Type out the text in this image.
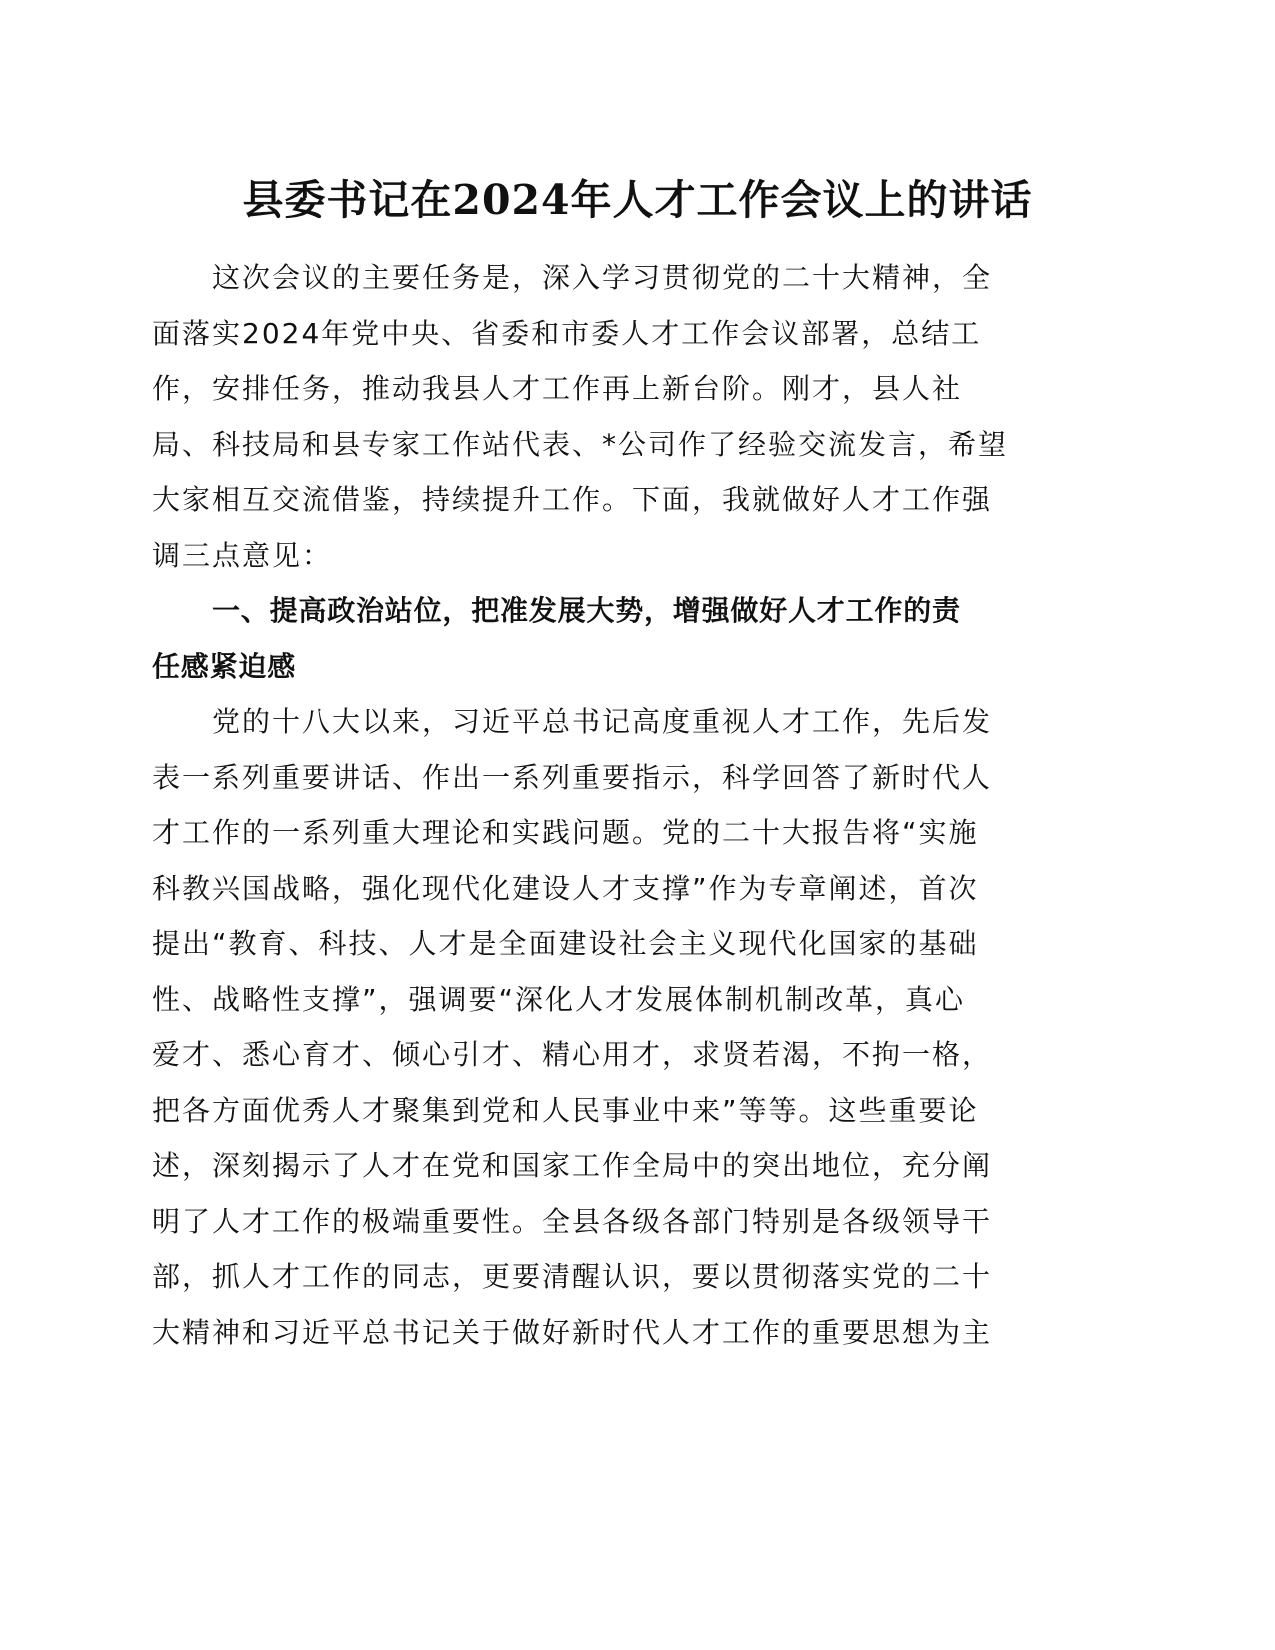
县委书记在2024年人才工作会议上的讲话
这次会议的主要任务是，深入学习贯彻党的二十大精神，全
面落实2024年党中央、省委和市委人才工作会议部署，总结工
作，安排任务，推动我县人才工作再上新台阶。刚才，县人社
局、科技局和县专家工作站代表、*公司作了经验交流发言，希望
大家相互交流借鉴，持续提升工作。下面，我就做好人才工作强
调三点意见：
一、提高政治站位，把准发展大势，增强做好人才工作的责
任感紧迫感
党的十八大以来，习近平总书记高度重视人才工作，先后发
表一系列重要讲话、作出一系列重要指示，科学回答了新时代人
才工作的一系列重大理论和实践问题。党的二十大报告将“实施
科教兴国战略，强化现代化建设人才支撑”作为专章阐述，首次
提出“教育、科技、人才是全面建设社会主义现代化国家的基础
性、战略性支撑”，强调要“深化人才发展体制机制改革，真心
爱才、悉心育才、倾心引才、精心用才，求贤若渴，不拘一格，
把各方面优秀人才聚集到党和人民事业中来”等等。这些重要论
述，深刻揭示了人才在党和国家工作全局中的突出地位，充分阐
明了人才工作的极端重要性。全县各级各部门特别是各级领导干
部，抓人才工作的同志，更要清醒认识，要以贯彻落实党的二十
大精神和习近平总书记关于做好新时代人才工作的重要思想为主
